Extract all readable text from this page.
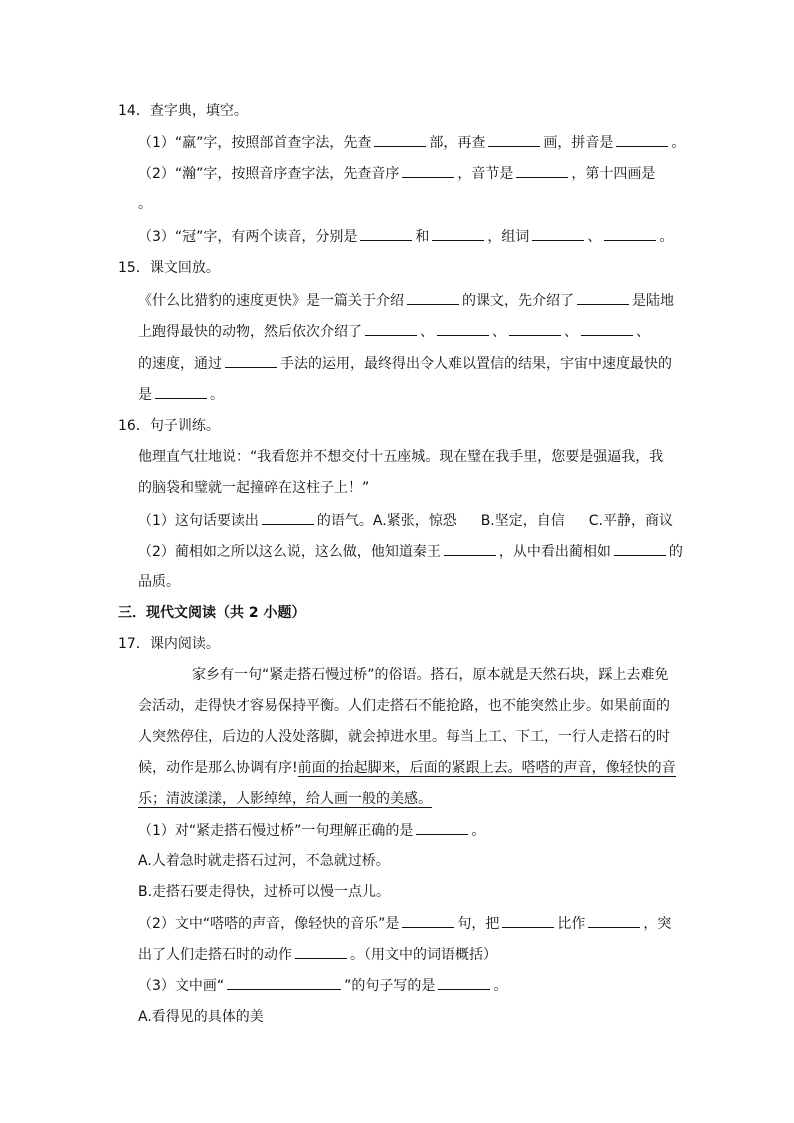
14．查字典，填空。
（1）“羸”字，按照部首查字法，先查	部，再查	画，拼音是	。
（2）“瀚”字，按照音序查字法，先查音序	，音节是	，第十四画是
。
（3）“冠”字，有两个读音，分别是	和	，组词	、	。
15．课文回放。
《什么比猎豹的速度更快》是一篇关于介绍	的课文，先介绍了	是陆地
上跑得最快的动物，然后依次介绍了	、	、	、	、
的速度，通过	手法的运用，最终得出令人难以置信的结果，宇宙中速度最快的
是	。
16．句子训练。
他理直气壮地说：“我看您并不想交付十五座城。现在璧在我手里，您要是强逼我，我
的脑袋和璧就一起撞碎在这柱子上！”
（1）这句话要读出	的语气。A.紧张，惊恐 B.坚定，自信 C.平静，商议
（2）蔺相如之所以这么说，这么做，他知道秦王	，从中看出蔺相如	的
品质。
三．现代文阅读（共 2 小题）
17．课内阅读。
家乡有一句“紧走搭石慢过桥”的俗语。搭石，原本就是天然石块，踩上去难免
会活动，走得快才容易保持平衡。人们走搭石不能抢路，也不能突然止步。如果前面的
人突然停住，后边的人没处落脚，就会掉进水里。每当上工、下工，一行人走搭石的时
候，动作是那么协调有序!前面的抬起脚来，后面的紧跟上去。嗒嗒的声音，像轻快的音
乐；清波漾漾，人影绰绰，给人画一般的美感。
（1）对“紧走搭石慢过桥”一句理解正确的是	。
A.人着急时就走搭石过河，不急就过桥。
B.走搭石要走得快，过桥可以慢一点儿。
（2）文中“嗒嗒的声音，像轻快的音乐”是	句，把	比作	，突
出了人们走搭石时的动作	。（用文中的词语概括）
（3）文中画“	”的句子写的是	。
A.看得见的具体的美
